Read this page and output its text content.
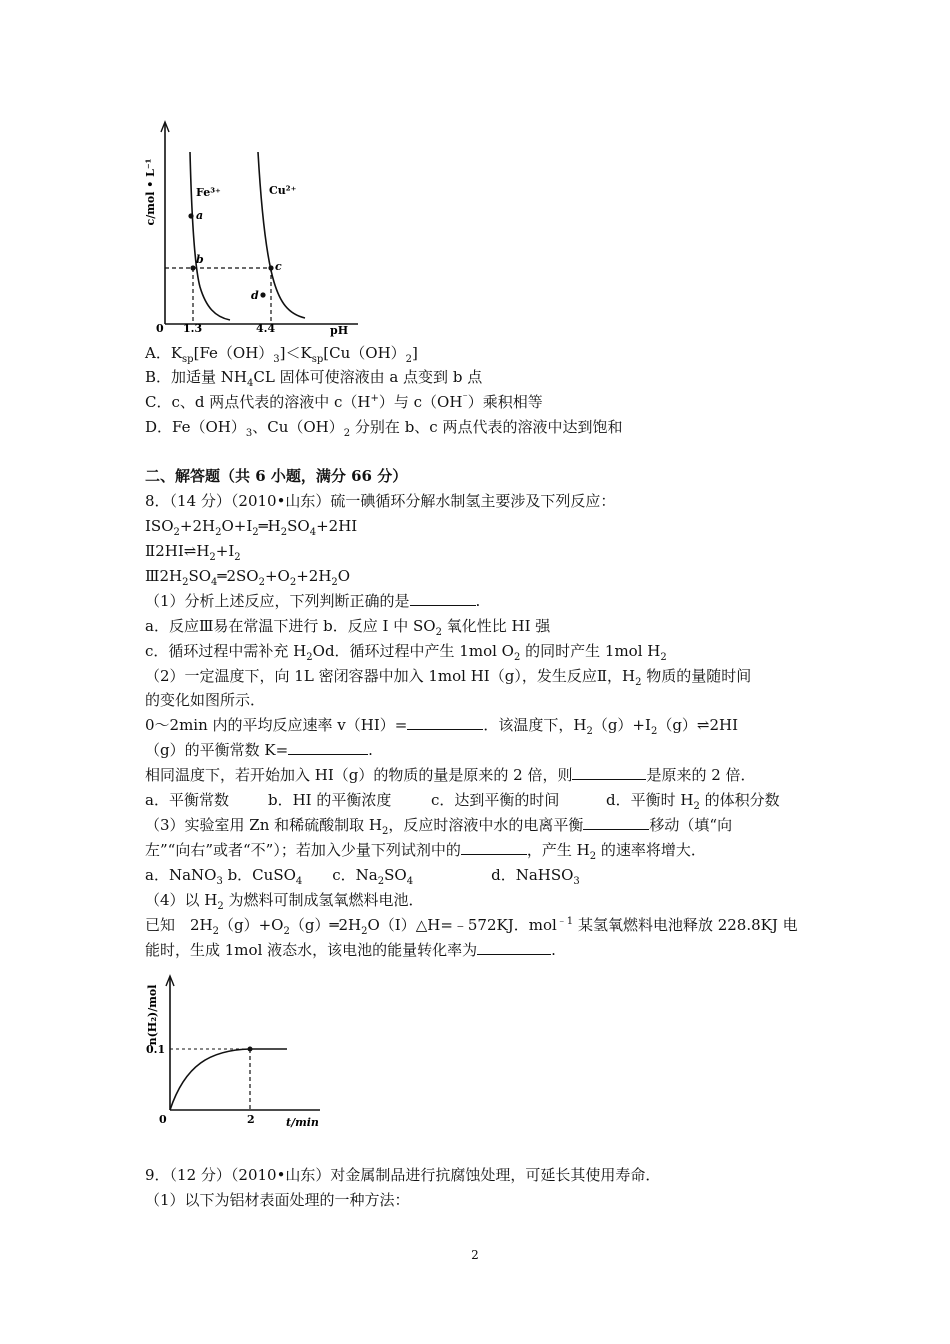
c/mol • L⁻¹
0 1.3	4.4	pH
Fe³⁺	Cu²⁺
a
b
c
d
A．$K_{sp}[Fe(OH)_3]<K_{sp}[Cu(OH)_2]$
B．加适量 $NH_4CL$ 固体可使溶液由 a 点变到 b 点
C．c、d 两点代表的溶液中 c（H+）与 c（OH⁻）乘积相等
D．$Fe(OH)_3$、$Cu(OH)_2$ 分别在 b、c 两点代表的溶液中达到饱和
二、解答题（共 6 小题，满分 66 分）
8．（14 分）（2010•山东）硫一碘循环分解水制氢主要涉及下列反应：
$ⅠSO_2+2H_2O+I_2═H_2SO_4+2HI$
$Ⅱ2HI\rightleftharpoons H_2+I_2$
$Ⅲ2H_2SO_4═2SO_2+O_2+2H_2O$
（1）分析上述反应，下列判断正确的是	.
a．反应Ⅲ易在常温下进行 b．反应 I 中 $SO_2$ 氧化性比 HI 强
c．循环过程中需补充 $H_2Od$．循环过程中产生 1mol $O_2$ 的同时产生 1mol $H_2$
（2）一定温度下，向 1L 密闭容器中加入 1mol HI（g），发生反应Ⅱ，$H_2$ 物质的量随时间
的变化如图所示．
0～2min 内的平均反应速率 v（HI）=	．该温度下，$H_2(g)+I_2(g)\rightleftharpoons 2HI$
（g）的平衡常数 K=	.
相同温度下，若开始加入 HI（g）的物质的量是原来的 2 倍，则	是原来的 2 倍．
a．平衡常数	b．HI 的平衡浓度	c．达到平衡的时间	d．平衡时 $H_2$ 的体积分数
（3）实验室用 Zn 和稀硫酸制取 $H_2$，反应时溶液中水的电离平衡	移动（填“向
左”“向右”或者“不”）；若加入少量下列试剂中的	，产生 $H_2$ 的速率将增大．
a．NaNO$_3$ b．CuSO$_4$ c．$Na_2SO_4$	d．NaHSO$_3$
（4）以 $H_2$ 为燃料可制成氢氧燃料电池．
已知　$2H_2(g)+O_2(g)═2H_2O(I)\triangle H=﹣572KJ$．mol$^{﹣1}$ 某氢氧燃料电池释放 228.8KJ 电
能时，生成 1mol 液态水，该电池的能量转化率为	.
n(H₂)/mol
0.1
0	2	t/min
9．（12 分）（2010•山东）对金属制品进行抗腐蚀处理，可延长其使用寿命．
（1）以下为铝材表面处理的一种方法：
2
